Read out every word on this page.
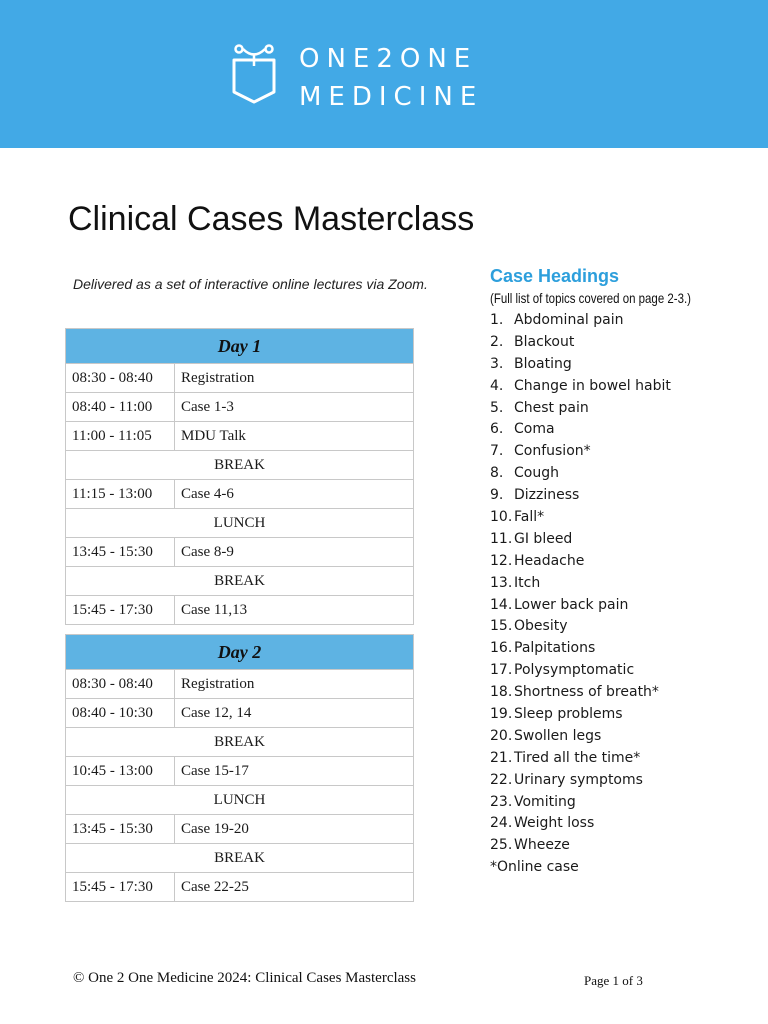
ONE2ONE
MEDICINE
Clinical Cases Masterclass
Delivered as a set of interactive online lectures via Zoom.
Day 1	
08:30 - 08:40	Registration
08:40 - 11:00	Case 1-3
11:00 - 11:05	MDU Talk
BREAK	
11:15 - 13:00	Case 4-6
LUNCH	
13:45 - 15:30	Case 8-9
BREAK	
15:45 - 17:30	Case 11,13
Day 2	
08:30 - 08:40	Registration
08:40 - 10:30	Case 12, 14
BREAK	
10:45 - 13:00	Case 15-17
LUNCH	
13:45 - 15:30	Case 19-20
BREAK	
15:45 - 17:30	Case 22-25
Case Headings
(Full list of topics covered on page 2-3.)
1. Abdominal pain
2. Blackout
3. Bloating
4. Change in bowel habit
5. Chest pain
6. Coma
7. Confusion*
8. Cough
9. Dizziness
10. Fall*
11. GI bleed
12. Headache
13. Itch
14. Lower back pain
15. Obesity
16. Palpitations
17. Polysymptomatic
18. Shortness of breath*
19. Sleep problems
20. Swollen legs
21. Tired all the time*
22. Urinary symptoms
23. Vomiting
24. Weight loss
25. Wheeze
*Online case
© One 2 One Medicine 2024: Clinical Cases Masterclass	Page 1 of 3
